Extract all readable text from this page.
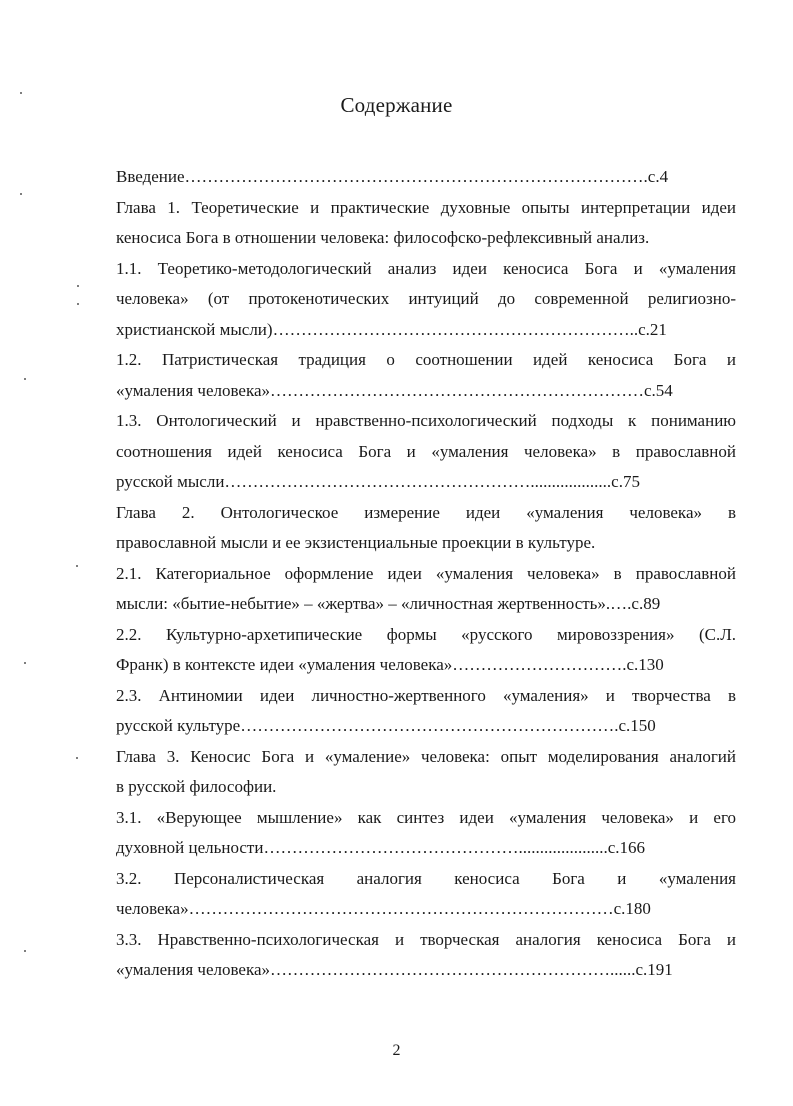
Содержание
Введение……………………………………………………………………….с.4
Глава 1. Теоретические и практические духовные опыты интерпретации идеи
кеносиса Бога в отношении человека: философско-рефлексивный анализ.
1.1. Теоретико-методологический анализ идеи кеносиса Бога и «умаления
человека» (от протокенотических интуиций до современной религиозно-
христианской мысли)………………………………………………………..с.21
1.2. Патристическая традиция о соотношении идей кеносиса Бога и
«умаления человека»…………………………………………………………с.54
1.3. Онтологический и нравственно-психологический подходы к пониманию
соотношения идей кеносиса Бога и «умаления человека» в православной
русской мысли………………………………………………...................с.75
Глава 2. Онтологическое измерение идеи «умаления человека» в
православной мысли и ее экзистенциальные проекции в культуре.
2.1. Категориальное оформление идеи «умаления человека» в православной
мысли: «бытие-небытие» – «жертва» – «личностная жертвенность».….с.89
2.2. Культурно-архетипические формы «русского мировоззрения» (С.Л.
Франк) в контексте идеи «умаления человека»………………………….с.130
2.3. Антиномии идеи личностно-жертвенного «умаления» и творчества в
русской культуре………………………………………………………….с.150
Глава 3. Кеносис Бога и «умаление» человека: опыт моделирования аналогий
в русской философии.
3.1. «Верующее мышление» как синтез идеи «умаления человека» и его
духовной цельности……………………………………….....................с.166
3.2. Персоналистическая аналогия кеносиса Бога и «умаления
человека»…………………………………………………………………с.180
3.3. Нравственно-психологическая и творческая аналогия кеносиса Бога и
«умаления человека»……………………………………………………......с.191
2
